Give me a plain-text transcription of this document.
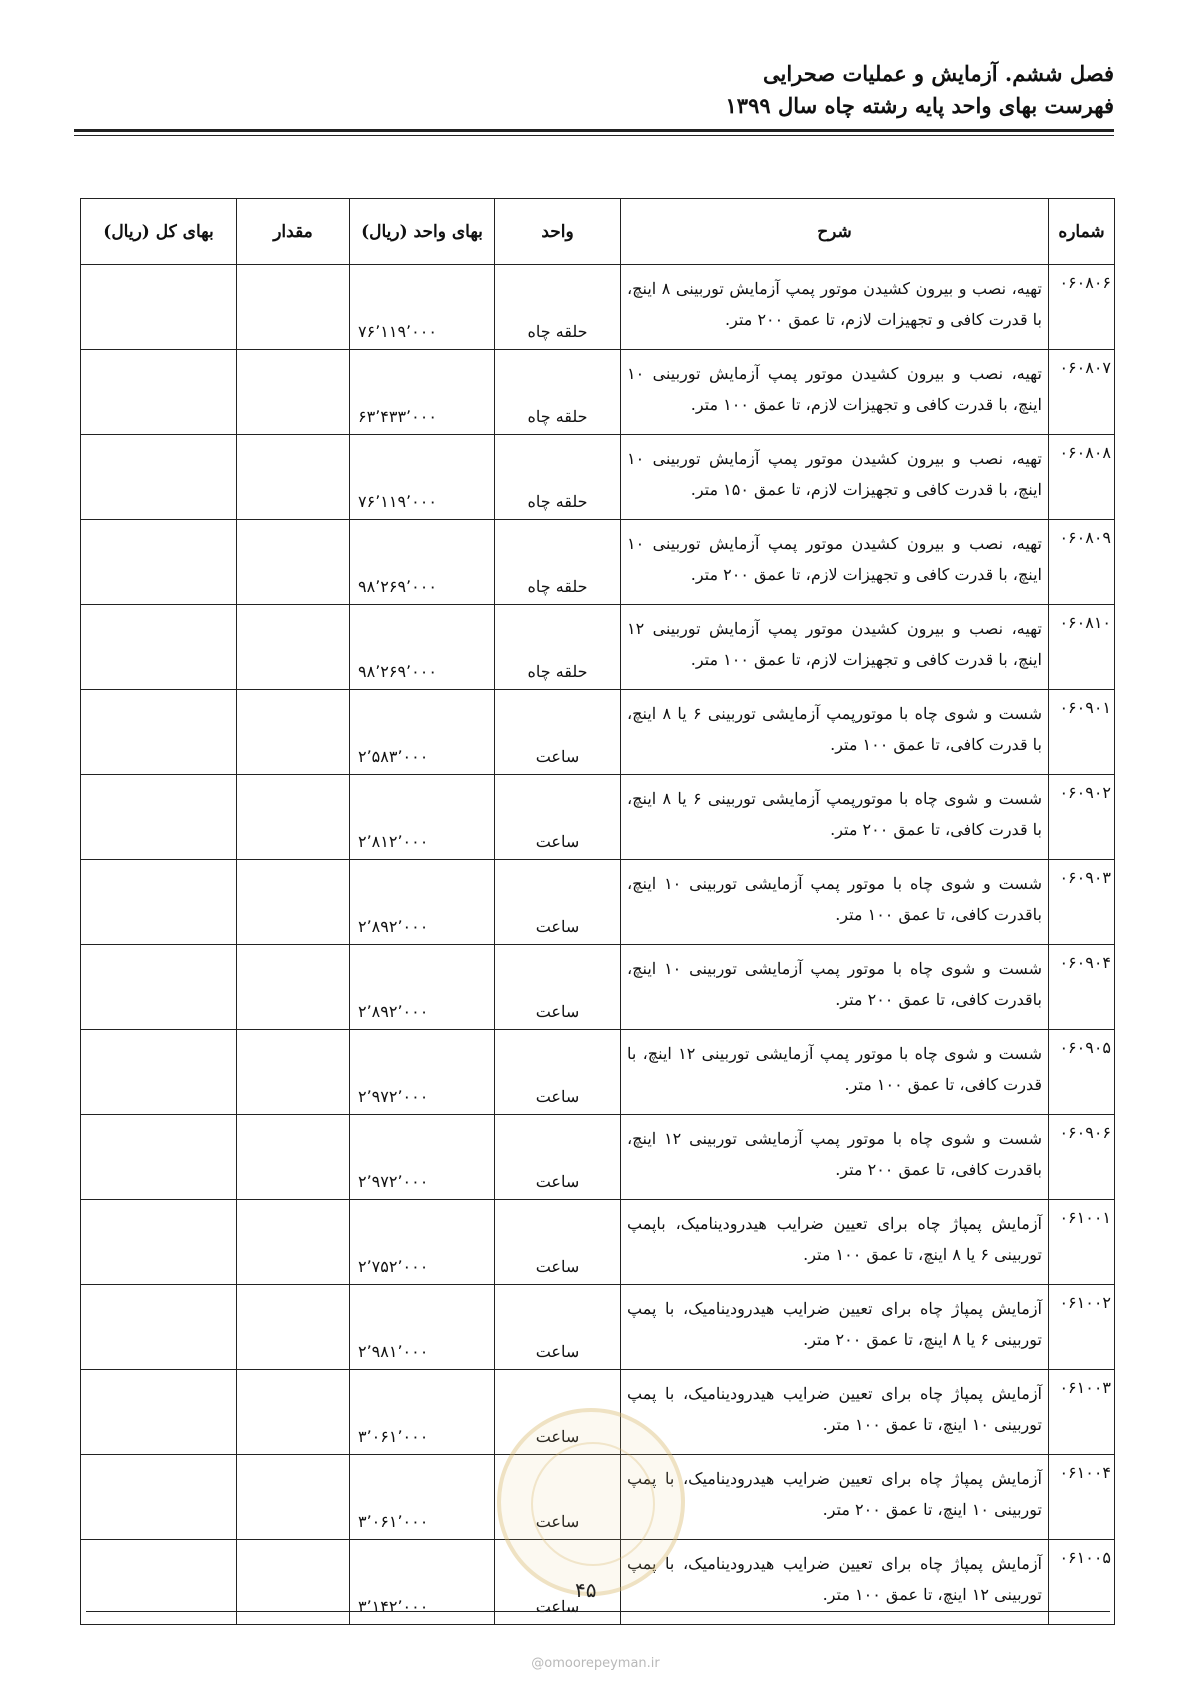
فصل ششم. آزمایش و عملیات صحرایی
فهرست بهای واحد پایه رشته چاه سال ۱۳۹۹
شماره	شرح	واحد	بهای واحد (ریال)	مقدار	بهای کل (ریال)
۰۶۰۸۰۶	تهیه، نصب و بیرون کشیدن موتور پمپ آزمایش توربینی ۸ اینچ، با قدرت کافی و تجهیزات لازم، تا عمق ۲۰۰ متر.	حلقه چاه	۷۶٬۱۱۹٬۰۰۰		
۰۶۰۸۰۷	تهیه، نصب و بیرون کشیدن موتور پمپ آزمایش توربینی ۱۰ اینچ، با قدرت کافی و تجهیزات لازم، تا عمق ۱۰۰ متر.	حلقه چاه	۶۳٬۴۳۳٬۰۰۰		
۰۶۰۸۰۸	تهیه، نصب و بیرون کشیدن موتور پمپ آزمایش توربینی ۱۰ اینچ، با قدرت کافی و تجهیزات لازم، تا عمق ۱۵۰ متر.	حلقه چاه	۷۶٬۱۱۹٬۰۰۰		
۰۶۰۸۰۹	تهیه، نصب و بیرون کشیدن موتور پمپ آزمایش توربینی ۱۰ اینچ، با قدرت کافی و تجهیزات لازم، تا عمق ۲۰۰ متر.	حلقه چاه	۹۸٬۲۶۹٬۰۰۰		
۰۶۰۸۱۰	تهیه، نصب و بیرون کشیدن موتور پمپ آزمایش توربینی ۱۲ اینچ، با قدرت کافی و تجهیزات لازم، تا عمق ۱۰۰ متر.	حلقه چاه	۹۸٬۲۶۹٬۰۰۰		
۰۶۰۹۰۱	شست و شوی چاه با موتورپمپ آزمایشی توربینی ۶ یا ۸ اینچ، با قدرت کافی، تا عمق ۱۰۰ متر.	ساعت	۲٬۵۸۳٬۰۰۰		
۰۶۰۹۰۲	شست و شوی چاه با موتورپمپ آزمایشی توربینی ۶ یا ۸ اینچ، با قدرت کافی، تا عمق ۲۰۰ متر.	ساعت	۲٬۸۱۲٬۰۰۰		
۰۶۰۹۰۳	شست و شوی چاه با موتور پمپ آزمایشی توربینی ۱۰ اینچ، باقدرت کافی، تا عمق ۱۰۰ متر.	ساعت	۲٬۸۹۲٬۰۰۰		
۰۶۰۹۰۴	شست و شوی چاه با موتور پمپ آزمایشی توربینی ۱۰ اینچ، باقدرت کافی، تا عمق ۲۰۰ متر.	ساعت	۲٬۸۹۲٬۰۰۰		
۰۶۰۹۰۵	شست و شوی چاه با موتور پمپ آزمایشی توربینی ۱۲ اینچ، با قدرت کافی، تا عمق ۱۰۰ متر.	ساعت	۲٬۹۷۲٬۰۰۰		
۰۶۰۹۰۶	شست و شوی چاه با موتور پمپ آزمایشی توربینی ۱۲ اینچ، باقدرت کافی، تا عمق ۲۰۰ متر.	ساعت	۲٬۹۷۲٬۰۰۰		
۰۶۱۰۰۱	آزمایش پمپاژ چاه برای تعیین ضرایب هیدرودینامیک، باپمپ توربینی ۶ یا ۸ اینچ، تا عمق ۱۰۰ متر.	ساعت	۲٬۷۵۲٬۰۰۰		
۰۶۱۰۰۲	آزمایش پمپاژ چاه برای تعیین ضرایب هیدرودینامیک، با پمپ توربینی ۶ یا ۸ اینچ، تا عمق ۲۰۰ متر.	ساعت	۲٬۹۸۱٬۰۰۰		
۰۶۱۰۰۳	آزمایش پمپاژ چاه برای تعیین ضرایب هیدرودینامیک، با پمپ توربینی ۱۰ اینچ، تا عمق ۱۰۰ متر.	ساعت	۳٬۰۶۱٬۰۰۰		
۰۶۱۰۰۴	آزمایش پمپاژ چاه برای تعیین ضرایب هیدرودینامیک، با پمپ توربینی ۱۰ اینچ، تا عمق ۲۰۰ متر.	ساعت	۳٬۰۶۱٬۰۰۰		
۰۶۱۰۰۵	آزمایش پمپاژ چاه برای تعیین ضرایب هیدرودینامیک، با پمپ توربینی ۱۲ اینچ، تا عمق ۱۰۰ متر.	ساعت	۳٬۱۴۲٬۰۰۰		
۴۵
@omoorepeyman.ir
